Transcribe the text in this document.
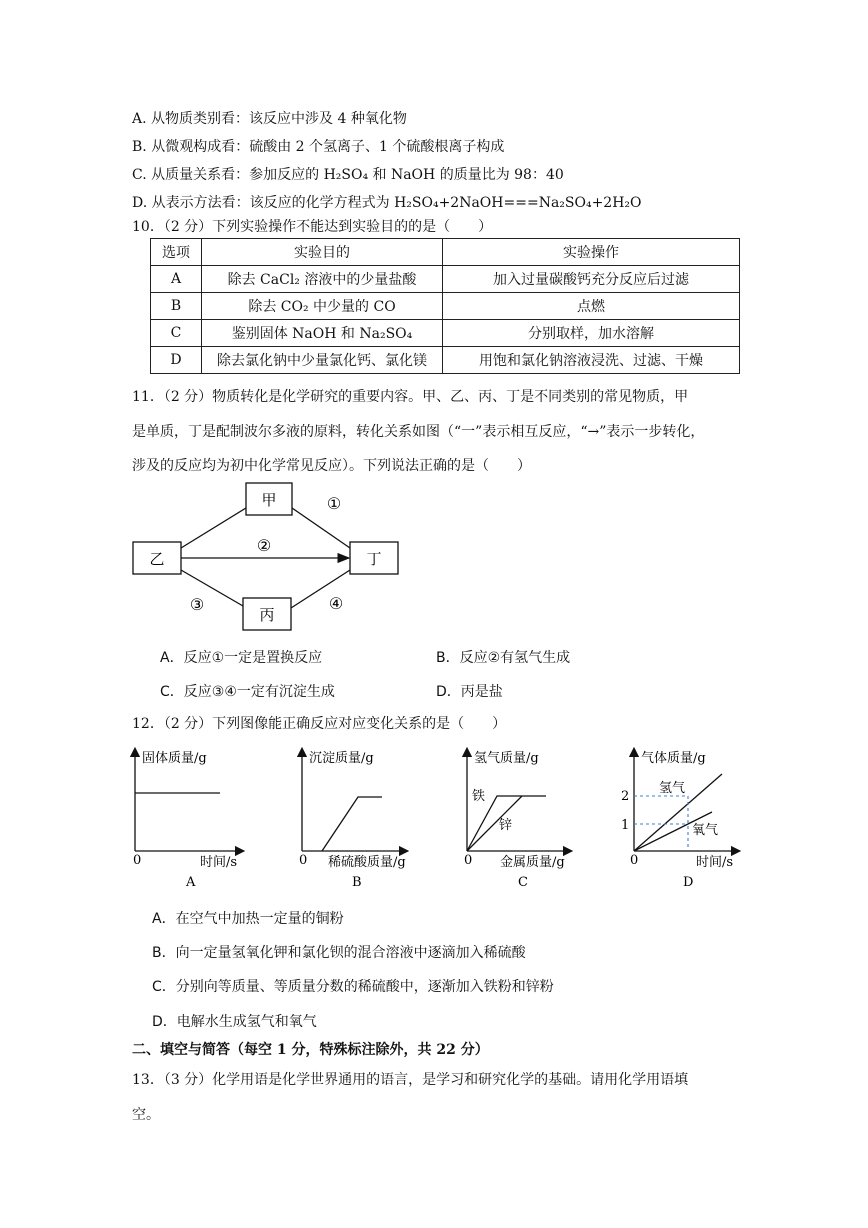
A. 从物质类别看：该反应中涉及 4 种氧化物
B. 从微观构成看：硫酸由 2 个氢离子、1 个硫酸根离子构成
C. 从质量关系看：参加反应的 H₂SO₄ 和 NaOH 的质量比为 98：40
D. 从表示方法看：该反应的化学方程式为 H₂SO₄+2NaOH===Na₂SO₄+2H₂O
10．（2 分）下列实验操作不能达到实验目的的是（　　）
选项	实验目的	实验操作
A	除去 CaCl₂ 溶液中的少量盐酸	加入过量碳酸钙充分反应后过滤
B	除去 CO₂ 中少量的 CO	点燃
C	鉴别固体 NaOH 和 Na₂SO₄	分别取样，加水溶解
D	除去氯化钠中少量氯化钙、氯化镁	用饱和氯化钠溶液浸洗、过滤、干燥
11．（2 分）物质转化是化学研究的重要内容。甲、乙、丙、丁是不同类别的常见物质，甲
是单质，丁是配制波尔多液的原料，转化关系如图（“一”表示相互反应，“→”表示一步转化，
涉及的反应均为初中化学常见反应）。下列说法正确的是（　　）
甲
乙	丁
丙
①
②
③	④
A．反应①一定是置换反应	B．反应②有氢气生成
C．反应③④一定有沉淀生成	D．丙是盐
12．（2 分）下列图像能正确反应对应变化关系的是（　　）
固体质量/g
时间/s
0
A
沉淀质量/g
稀硫酸质量/g
0
B
氢气质量/g
金属质量/g
0
铁
锌
C
气体质量/g
时间/s
0
2
1
氢气
氧气
D
A．在空气中加热一定量的铜粉
B．向一定量氢氧化钾和氯化钡的混合溶液中逐滴加入稀硫酸
C．分别向等质量、等质量分数的稀硫酸中，逐渐加入铁粉和锌粉
D．电解水生成氢气和氧气
二、填空与简答（每空 1 分，特殊标注除外，共 22 分）
13．（3 分）化学用语是化学世界通用的语言，是学习和研究化学的基础。请用化学用语填
空。
